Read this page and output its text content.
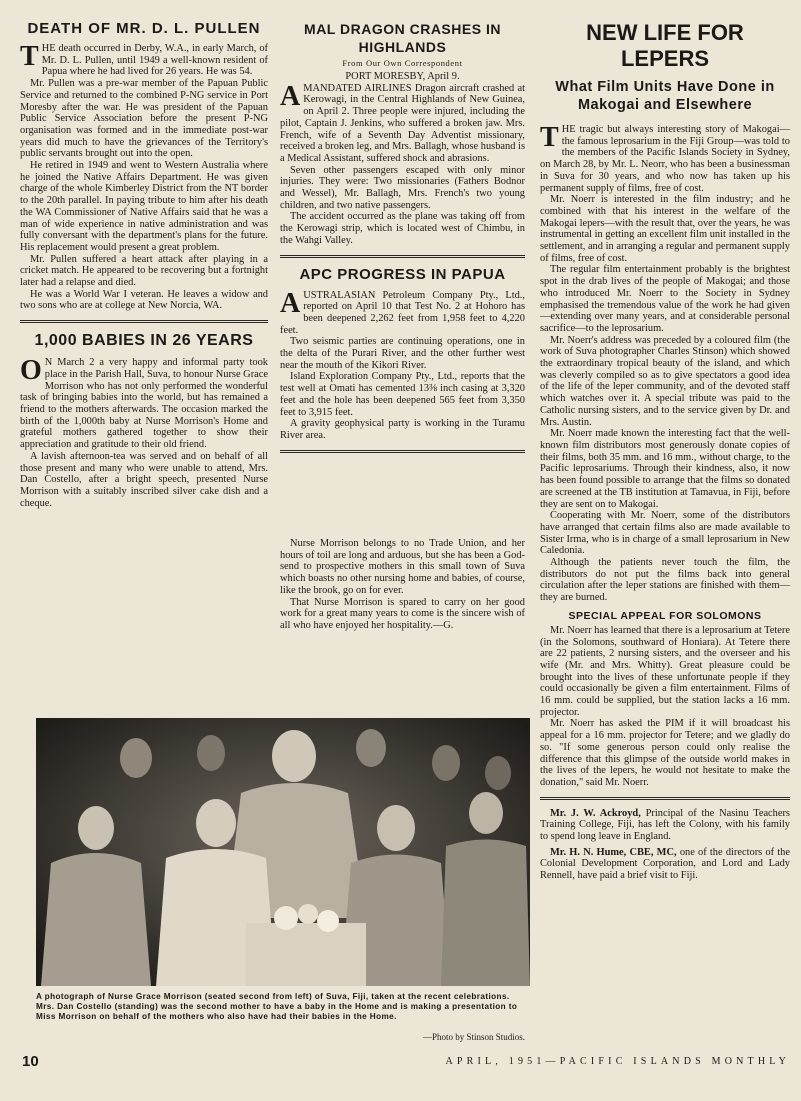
DEATH OF MR. D. L. PULLEN

THE death occurred in Derby, W.A., in early March, of Mr. D. L. Pullen, until 1949 a well-known resident of Papua where he had lived for 26 years. He was 54.

Mr. Pullen was a pre-war member of the Papuan Public Service and returned to the combined P-NG service in Port Moresby after the war. He was president of the Papuan Public Service Association before the present P-NG organisation was formed and in the immediate post-war years did much to have the grievances of the Territory's public servants brought out into the open.

He retired in 1949 and went to Western Australia where he joined the Native Affairs Department. He was given charge of the whole Kimberley District from the NT border to the 20th parallel. In paying tribute to him after his death the WA Commissioner of Native Affairs said that he was a man of wide experience in native administration and was fully conversant with the department's plans for the future. His replacement would present a great problem.

Mr. Pullen suffered a heart attack after playing in a cricket match. He appeared to be recovering but a fortnight later had a relapse and died.

He was a World War I veteran. He leaves a widow and two sons who are at college at New Norcia, WA.

1,000 BABIES IN 26 YEARS

O N March 2 a very happy and informal party took place in the Parish Hall, Suva, to honour Nurse Grace Morrison who has not only performed the wonderful task of bringing babies into the world, but has remained a friend to the mothers afterwards. The occasion marked the birth of the 1,000th baby at Nurse Morrison's Home and grateful mothers gathered together to show their appreciation and gratitude to their old friend.

A lavish afternoon-tea was served and on behalf of all those present and many who were unable to attend, Mrs. Dan Costello, after a bright speech, presented Nurse Morrison with a suitably inscribed silver cake dish and a cheque.

MAL DRAGON CRASHES IN HIGHLANDS
From Our Own Correspondent

PORT MORESBY, April 9.

AMANDATED AIRLINES Dragon aircraft crashed at Kerowagi, in the Central Highlands of New Guinea, on April 2. Three people were injured, including the pilot, Captain J. Jenkins, who suffered a broken jaw. Mrs. French, wife of a Seventh Day Adventist missionary, received a broken leg, and Mrs. Ballagh, whose husband is a Medical Assistant, suffered shock and abrasions.

Seven other passengers escaped with only minor injuries. They were: Two missionaries (Fathers Bodnor and Wessel), Mr. Ballagh, Mrs. French's two young children, and two native passengers.

The accident occurred as the plane was taking off from the Kerowagi strip, which is located west of Chimbu, in the Wahgi Valley.

APC PROGRESS IN PAPUA

AUSTRALASIAN Petroleum Company Pty., Ltd., reported on April 10 that Test No. 2 at Hohoro has been deepened 2,262 feet from 1,958 feet to 4,220 feet.

Two seismic parties are continuing operations, one in the delta of the Purari River, and the other further west near the mouth of the Kikori River.

Island Exploration Company Pty., Ltd., reports that the test well at Omati has cemented 13⅜ inch casing at 3,320 feet and the hole has been deepened 565 feet from 3,350 feet to 3,915 feet.

A gravity geophysical party is working in the Turamu River area.

Nurse Morrison belongs to no Trade Union, and her hours of toil are long and arduous, but she has been a God-send to prospective mothers in this small town of Suva which boasts no other nursing home and babies, of course, like the brook, go on for ever.

That Nurse Morrison is spared to carry on her good work for a great many years to come is the sincere wish of all who have enjoyed her hospitality.—G.

NEW LIFE FOR LEPERS
What Film Units Have Done in Makogai and Elsewhere

THE tragic but always interesting story of Makogai—the famous leprosarium in the Fiji Group—was told to the members of the Pacific Islands Society in Sydney, on March 28, by Mr. L. Neorr, who has been a businessman in Suva for 30 years, and who now has taken up his permanent supply of films, free of cost.

Mr. Noerr is interested in the film industry; and he combined with that his interest in the welfare of the Makogai lepers—with the result that, over the years, he was instrumental in getting an excellent film unit installed in the settlement, and in arranging a regular and permanent supply of films, free of cost.

The regular film entertainment probably is the brightest spot in the drab lives of the people of Makogai; and those who introduced Mr. Noerr to the Society in Sydney emphasised the tremendous value of the work he had given—extending over many years, and at considerable personal sacrifice—to the leprosarium.

Mr. Noerr's address was preceded by a coloured film (the work of Suva photographer Charles Stinson) which showed the extraordinary tropical beauty of the island, and which was cleverly compiled so as to give spectators a good idea of the life of the leper community, and of the devoted staff which watches over it. A special tribute was paid to the Catholic nursing sisters, and to the service given by Dr. and Mrs. Austin.

Mr. Noerr made known the interesting fact that the well-known film distributors most generously donate copies of their films, both 35 mm. and 16 mm., without charge, to the Pacific leprosariums. Through their kindness, also, it now has been found possible to arrange that the films so donated are screened at the TB institution at Tamavua, in Fiji, before they are sent on to Makogai.

Cooperating with Mr. Noerr, some of the distributors have arranged that certain films also are made available to Sister Irma, who is in charge of a small leprosarium in New Caledonia.

Although the patients never touch the film, the distributors do not put the films back into general circulation after the leper stations are finished with them—they are burned.

SPECIAL APPEAL FOR SOLOMONS

Mr. Noerr has learned that there is a leprosarium at Tetere (in the Solomons, southward of Honiara). At Tetere there are 22 patients, 2 nursing sisters, and the overseer and his wife (Mr. and Mrs. Whitty). Great pleasure could be brought into the lives of these unfortunate people if they could occasionally be given a film entertainment. Films of 16 mm. could be supplied, but the station lacks a 16 mm. projector.

Mr. Noerr has asked the PIM if it will broadcast his appeal for a 16 mm. projector for Tetere; and we gladly do so. "If some generous person could only realise the difference that this glimpse of the outside world makes in the lives of the lepers, he would not hesitate to make the donation," said Mr. Noerr.

Mr. J. W. Ackroyd, Principal of the Nasinu Teachers Training College, Fiji, has left the Colony, with his family to spend long leave in England.

Mr. H. N. Hume, CBE, MC, one of the directors of the Colonial Development Corporation, and Lord and Lady Rennell, have paid a brief visit to Fiji.

A photograph of Nurse Grace Morrison (seated second from left) of Suva, Fiji, taken at the recent celebrations. Mrs. Dan Costello (standing) was the second mother to have a baby in the Home and is making a presentation to Miss Morrison on behalf of the mothers who also have had their babies in the Home.
—Photo by Stinson Studios.
10	APRIL, 1951—PACIFIC ISLANDS MONTHLY
